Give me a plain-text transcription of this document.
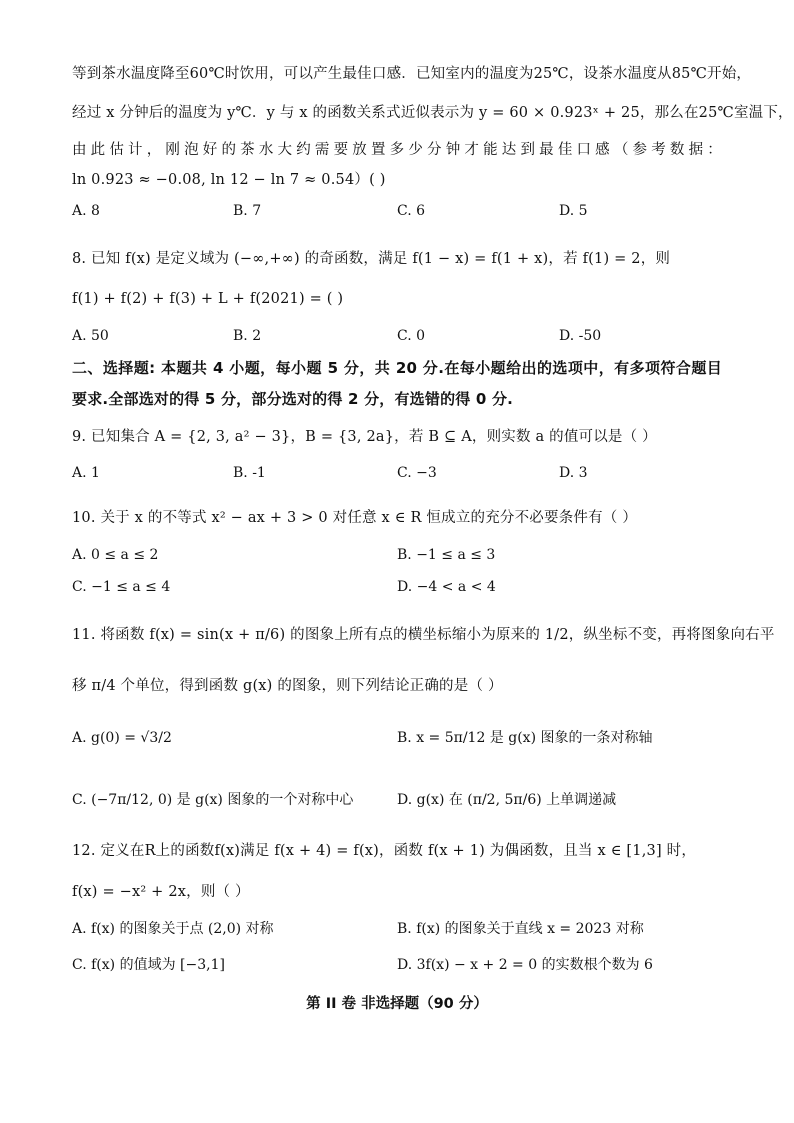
等到茶水温度降至60℃时饮用，可以产生最佳口感．已知室内的温度为25℃，设茶水温度从85℃开始，
经过 x 分钟后的温度为 y℃．y 与 x 的函数关系式近似表示为 y = 60 × 0.923ˣ + 25，那么在25℃室温下，
由此估计，刚泡好的茶水大约需要放置多少分钟才能达到最佳口感（参考数据：
ln 0.923 ≈ −0.08, ln 12 − ln 7 ≈ 0.54）( )
A. 8	B. 7	C. 6	D. 5
8. 已知 f(x) 是定义域为 (−∞,+∞) 的奇函数，满足 f(1 − x) = f(1 + x)，若 f(1) = 2，则
f(1) + f(2) + f(3) + L + f(2021) = ( )
A. 50	B. 2	C. 0	D. -50
二、选择题: 本题共 4 小题，每小题 5 分，共 20 分.在每小题给出的选项中，有多项符合题目
要求.全部选对的得 5 分，部分选对的得 2 分，有选错的得 0 分.
9. 已知集合 A = {2, 3, a² − 3}，B = {3, 2a}，若 B ⊆ A，则实数 a 的值可以是（ ）
A. 1	B. -1	C. −3	D. 3
10. 关于 x 的不等式 x² − ax + 3 > 0 对任意 x ∈ R 恒成立的充分不必要条件有（ ）
A. 0 ≤ a ≤ 2	B. −1 ≤ a ≤ 3
C. −1 ≤ a ≤ 4	D. −4 < a < 4
11. 将函数 f(x) = sin(x + π/6) 的图象上所有点的横坐标缩小为原来的 1/2，纵坐标不变，再将图象向右平
移 π/4 个单位，得到函数 g(x) 的图象，则下列结论正确的是（ ）
A. g(0) = √3/2	B. x = 5π/12 是 g(x) 图象的一条对称轴
C. (−7π/12, 0) 是 g(x) 图象的一个对称中心	D. g(x) 在 (π/2, 5π/6) 上单调递减
12. 定义在R上的函数f(x)满足 f(x + 4) = f(x)，函数 f(x + 1) 为偶函数，且当 x ∈ [1,3] 时，
f(x) = −x² + 2x，则（ ）
A. f(x) 的图象关于点 (2,0) 对称	B. f(x) 的图象关于直线 x = 2023 对称
C. f(x) 的值域为 [−3,1]	D. 3f(x) − x + 2 = 0 的实数根个数为 6
第 II 卷 非选择题（90 分）
